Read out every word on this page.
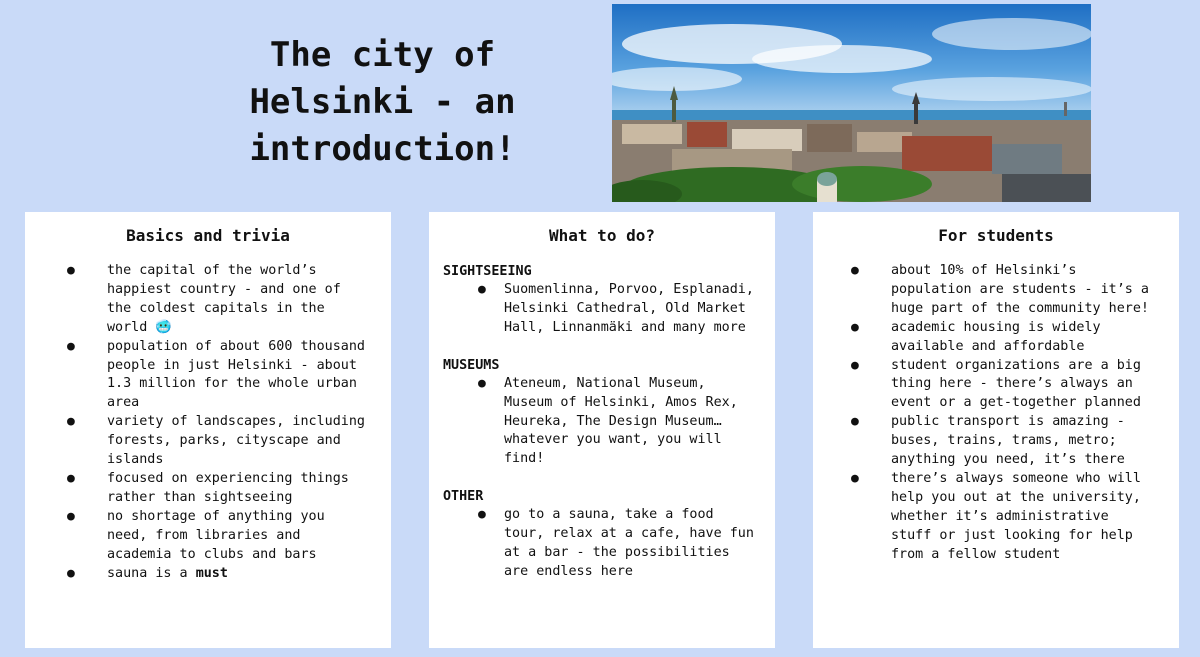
The city of Helsinki - an introduction!
Basics and trivia
● the capital of the world’s happiest country - and one of the coldest capitals in the world 🥶
● population of about 600 thousand people in just Helsinki - about 1.3 million for the whole urban area
● variety of landscapes, including forests, parks, cityscape and islands
● focused on experiencing things rather than sightseeing
● no shortage of anything you need, from libraries and academia to clubs and bars
● sauna is a must
What to do?
SIGHTSEEING
● Suomenlinna, Porvoo, Esplanadi, Helsinki Cathedral, Old Market Hall, Linnanmäki and many more
MUSEUMS
● Ateneum, National Museum, Museum of Helsinki, Amos Rex, Heureka, The Design Museum… whatever you want, you will find!
OTHER
● go to a sauna, take a food tour, relax at a cafe, have fun at a bar - the possibilities are endless here
For students
● about 10% of Helsinki’s population are students - it’s a huge part of the community here!
● academic housing is widely available and affordable
● student organizations are a big thing here - there’s always an event or a get-together planned
● public transport is amazing - buses, trains, trams, metro; anything you need, it’s there
● there’s always someone who will help you out at the university, whether it’s administrative stuff or just looking for help from a fellow student
